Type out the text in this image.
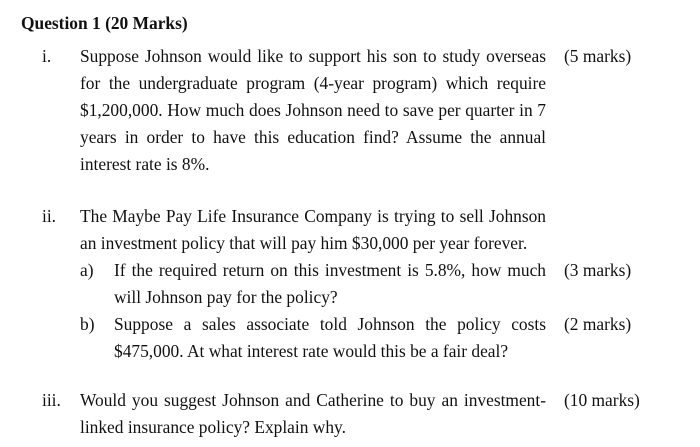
Question 1 (20 Marks)
i. Suppose Johnson would like to support his son to study overseas (5 marks)
for the undergraduate program (4-year program) which require
$1,200,000. How much does Johnson need to save per quarter in 7
years in order to have this education find? Assume the annual
interest rate is 8%.
ii. The Maybe Pay Life Insurance Company is trying to sell Johnson
an investment policy that will pay him $30,000 per year forever.
a) If the required return on this investment is 5.8%, how much (3 marks)
will Johnson pay for the policy?
b) Suppose a sales associate told Johnson the policy costs (2 marks)
$475,000. At what interest rate would this be a fair deal?
iii. Would you suggest Johnson and Catherine to buy an investment- (10 marks)
linked insurance policy? Explain why.
